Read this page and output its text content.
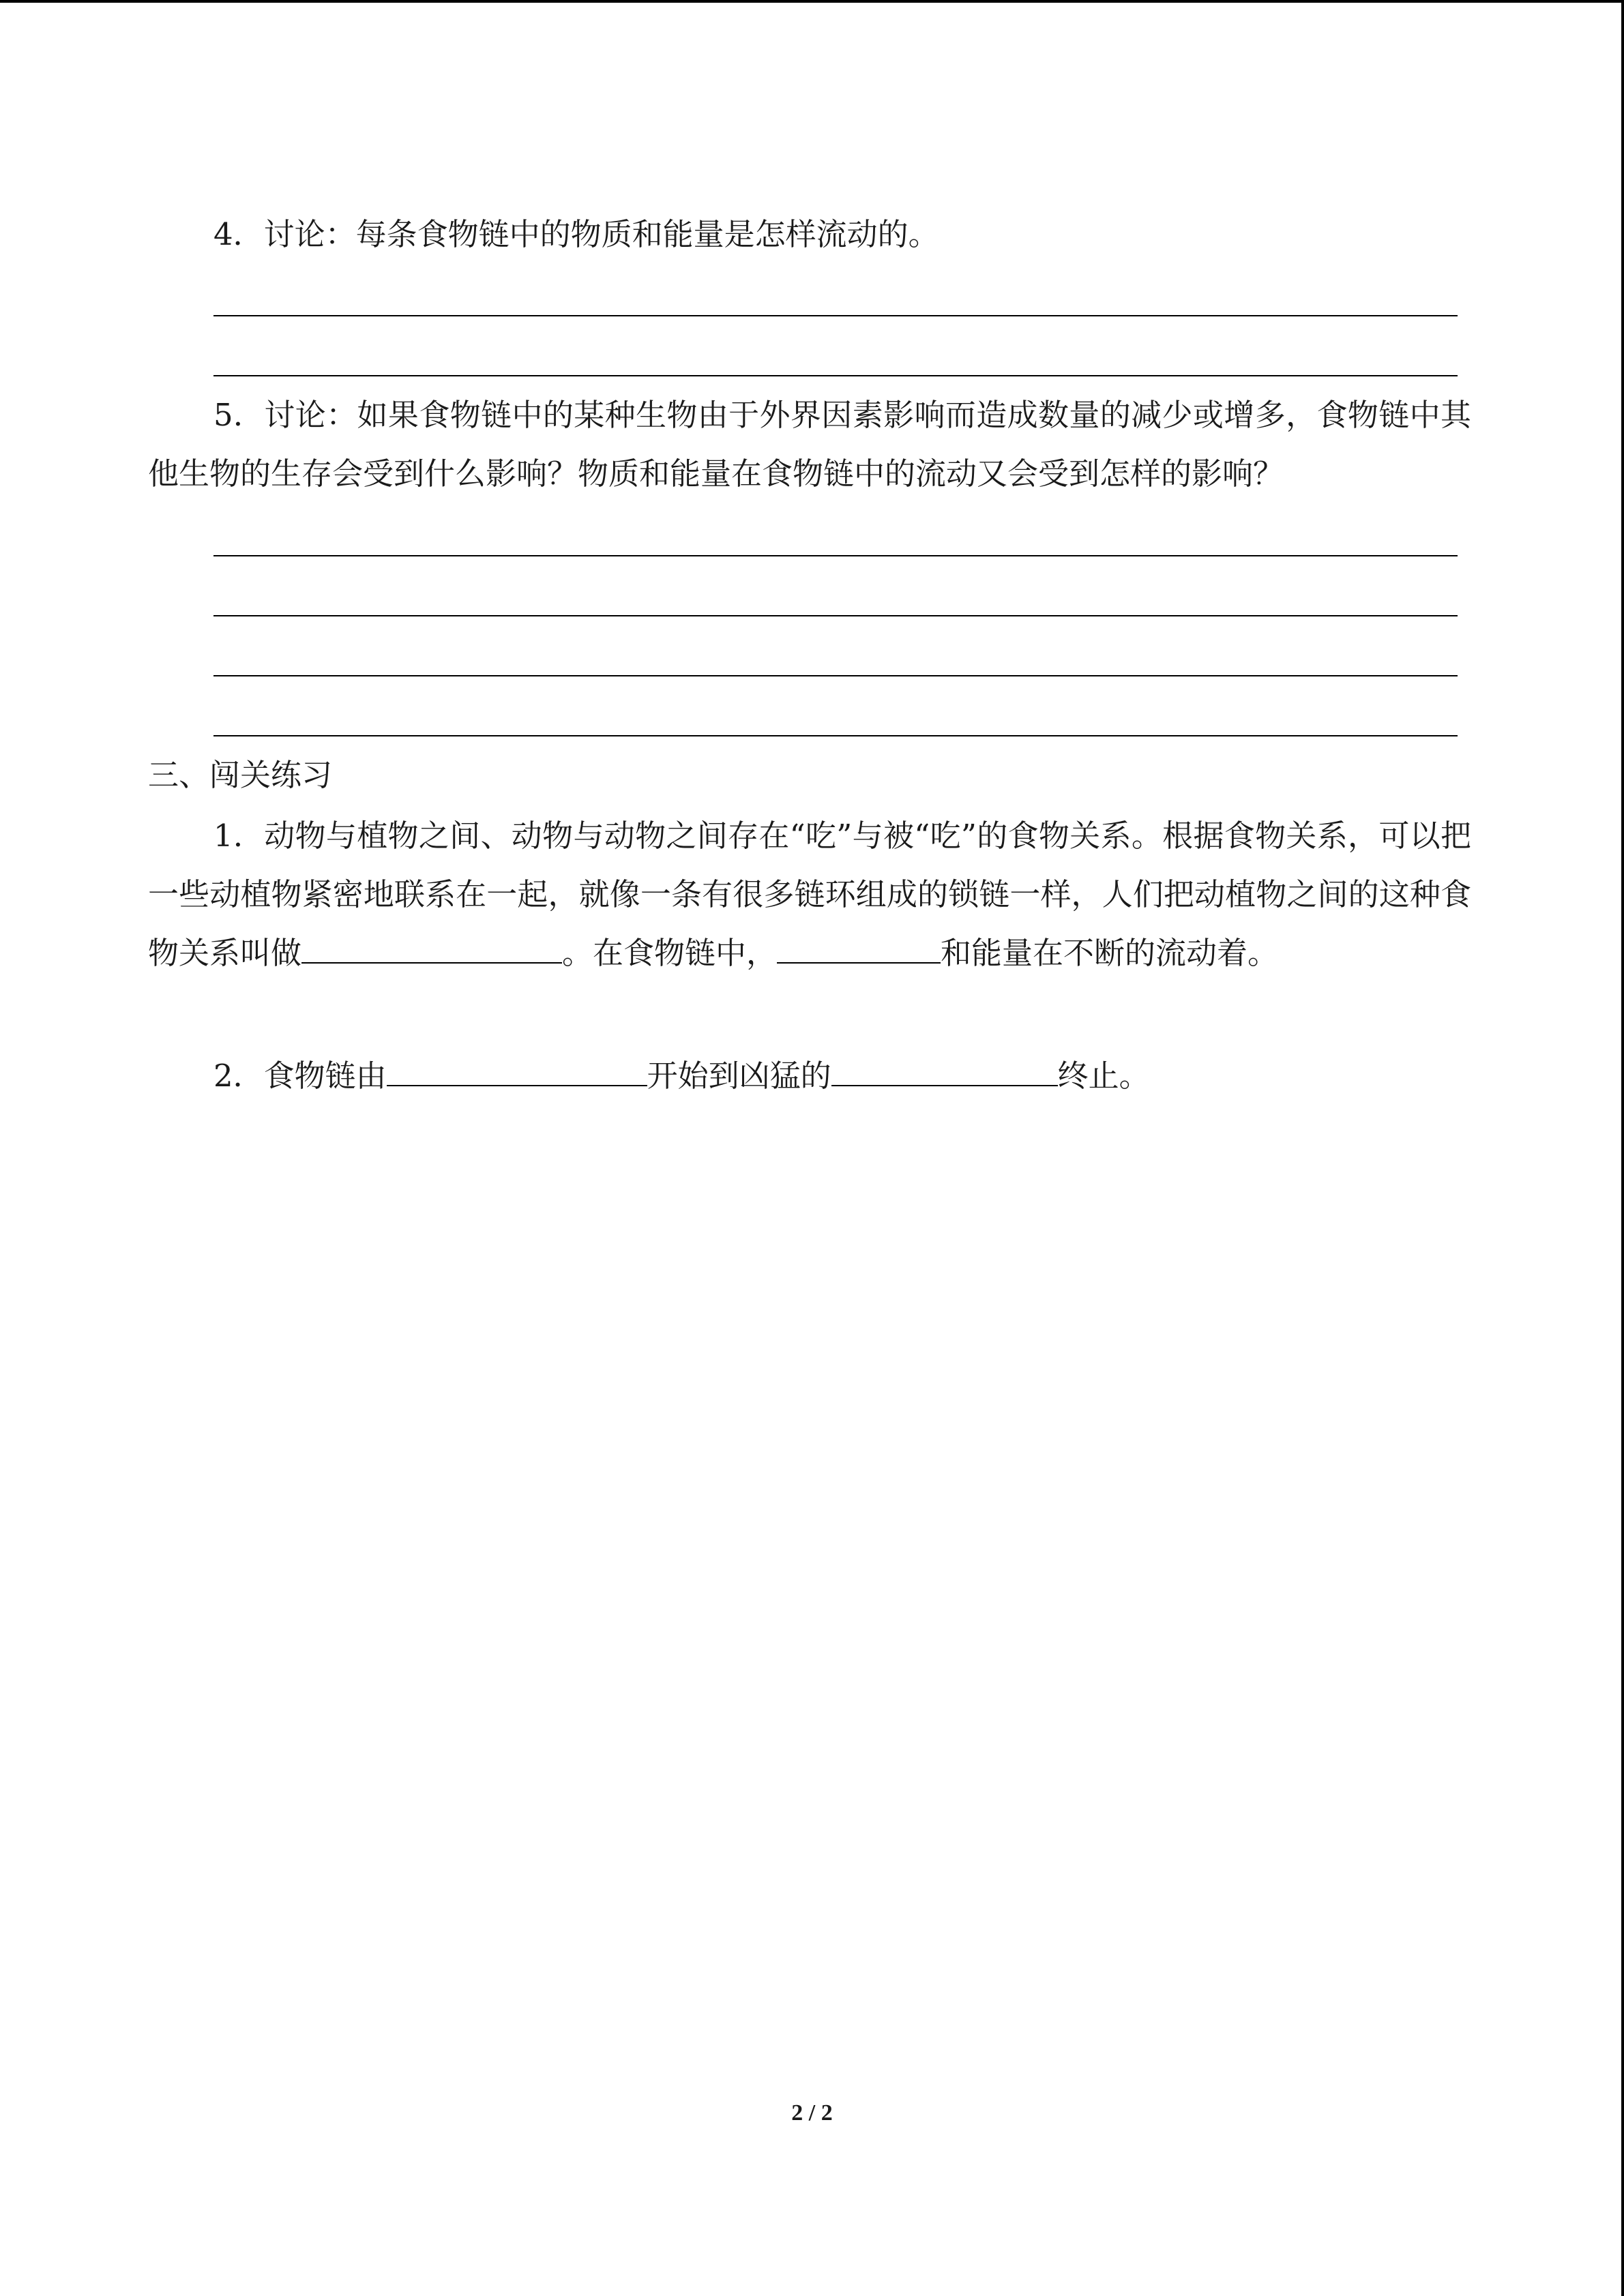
4．讨论：每条食物链中的物质和能量是怎样流动的。
5．讨论：如果食物链中的某种生物由于外界因素影响而造成数量的减少或增多，食物链中其他生物的生存会受到什么影响？物质和能量在食物链中的流动又会受到怎样的影响？
三、闯关练习
1．动物与植物之间、动物与动物之间存在“吃”与被“吃”的食物关系。根据食物关系，可以把一些动植物紧密地联系在一起，就像一条有很多链环组成的锁链一样，人们把动植物之间的这种食物关系叫做	。在食物链中，	和能量在不断的流动着。
2．食物链由	开始到凶猛的	终止。
2 / 2
